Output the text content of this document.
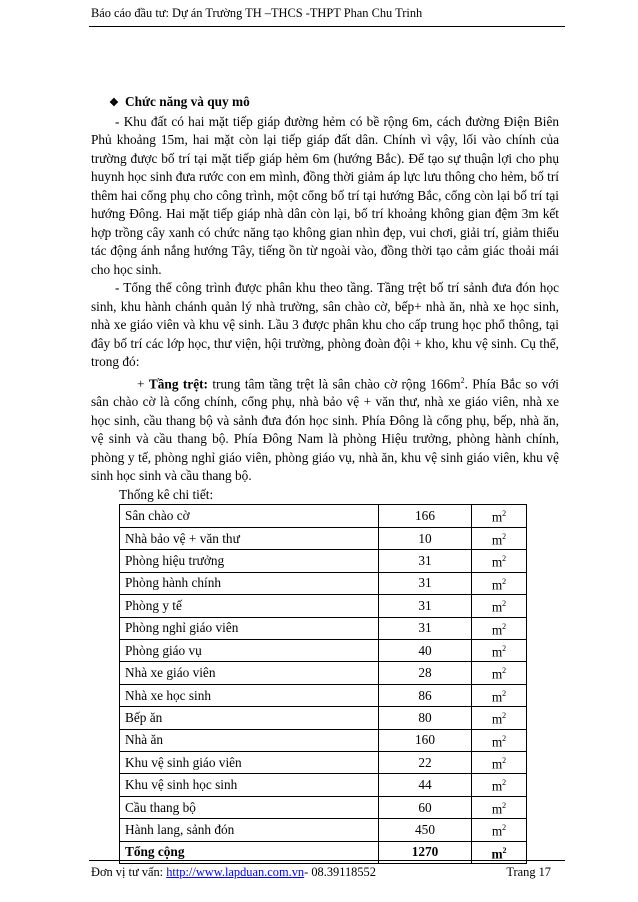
Báo cáo đầu tư: Dự án Trường TH –THCS -THPT Phan Chu Trinh

❖ Chức năng và quy mô

- Khu đất có hai mặt tiếp giáp đường hẻm có bề rộng 6m, cách đường Điện Biên Phủ khoảng 15m, hai mặt còn lại tiếp giáp đất dân. Chính vì vậy, lối vào chính của trường được bố trí tại mặt tiếp giáp hẻm 6m (hướng Bắc). Để tạo sự thuận lợi cho phụ huynh học sinh đưa rước con em mình, đồng thời giảm áp lực lưu thông cho hẻm, bố trí thêm hai cổng phụ cho công trình, một cổng bố trí tại hướng Bắc, cổng còn lại bố trí tại hướng Đông. Hai mặt tiếp giáp nhà dân còn lại, bố trí khoảng không gian đệm 3m kết hợp trồng cây xanh có chức năng tạo không gian nhìn đẹp, vui chơi, giải trí, giảm thiểu tác động ánh nắng hướng Tây, tiếng ồn từ ngoài vào, đồng thời tạo cảm giác thoải mái cho học sinh.

- Tổng thể công trình được phân khu theo tầng. Tầng trệt bố trí sảnh đưa đón học sinh, khu hành chánh quản lý nhà trường, sân chào cờ, bếp+ nhà ăn, nhà xe học sinh, nhà xe giáo viên và khu vệ sinh. Lầu 3 được phân khu cho cấp trung học phổ thông, tại đây bố trí các lớp học, thư viện, hội trường, phòng đoàn đội + kho, khu vệ sinh. Cụ thể, trong đó:

+ Tầng trệt: trung tâm tầng trệt là sân chào cờ rộng $166m^2$. Phía Bắc so với sân chào cờ là cổng chính, cổng phụ, nhà bảo vệ + văn thư, nhà xe giáo viên, nhà xe học sinh, cầu thang bộ và sảnh đưa đón học sinh. Phía Đông là cổng phụ, bếp, nhà ăn, vệ sinh và cầu thang bộ. Phía Đông Nam là phòng Hiệu trưởng, phòng hành chính, phòng y tế, phòng nghỉ giáo viên, phòng giáo vụ, nhà ăn, khu vệ sinh giáo viên, khu vệ sinh học sinh và cầu thang bộ.

Thống kê chi tiết:

Sân chào cờ	166	$m^2$
Nhà bảo vệ + văn thư	10	$m^2$
Phòng hiệu trưởng	31	$m^2$
Phòng hành chính	31	$m^2$
Phòng y tế	31	$m^2$
Phòng nghỉ giáo viên	31	$m^2$
Phòng giáo vụ	40	$m^2$
Nhà xe giáo viên	28	$m^2$
Nhà xe học sinh	86	$m^2$
Bếp ăn	80	$m^2$
Nhà ăn	160	$m^2$
Khu vệ sinh giáo viên	22	$m^2$
Khu vệ sinh học sinh	44	$m^2$
Cầu thang bộ	60	$m^2$
Hành lang, sảnh đón	450	$m^2$
Tổng cộng	1270	$m^2$
Đơn vị tư vấn: http://www.lapduan.com.vn- 08.39118552	Trang 17
